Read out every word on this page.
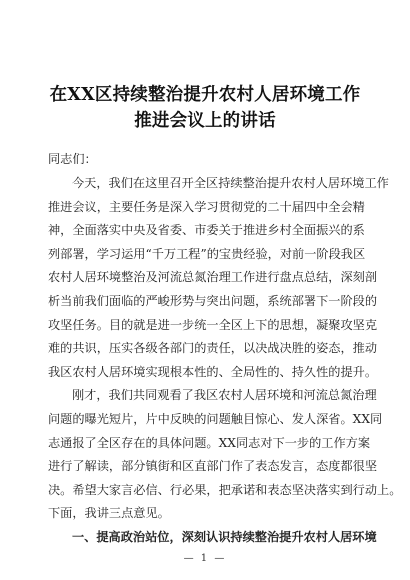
在XX区持续整治提升农村人居环境工作
推进会议上的讲话
同志们：
今天，我们在这里召开全区持续整治提升农村人居环境工作
推进会议，主要任务是深入学习贯彻党的二十届四中全会精
神，全面落实中央及省委、市委关于推进乡村全面振兴的系
列部署，学习运用“千万工程”的宝贵经验，对前一阶段我区
农村人居环境整治及河流总氮治理工作进行盘点总结，深刻剖
析当前我们面临的严峻形势与突出问题，系统部署下一阶段的
攻坚任务。目的就是进一步统一全区上下的思想，凝聚攻坚克
难的共识，压实各级各部门的责任，以决战决胜的姿态，推动
我区农村人居环境实现根本性的、全局性的、持久性的提升。
刚才，我们共同观看了我区农村人居环境和河流总氮治理
问题的曝光短片，片中反映的问题触目惊心、发人深省。XX同
志通报了全区存在的具体问题。XX同志对下一步的工作方案
进行了解读，部分镇街和区直部门作了表态发言，态度都很坚
决。希望大家言必信、行必果，把承诺和表态坚决落实到行动上。
下面，我讲三点意见。
一、提高政治站位，深刻认识持续整治提升农村人居环境
— 1 —
